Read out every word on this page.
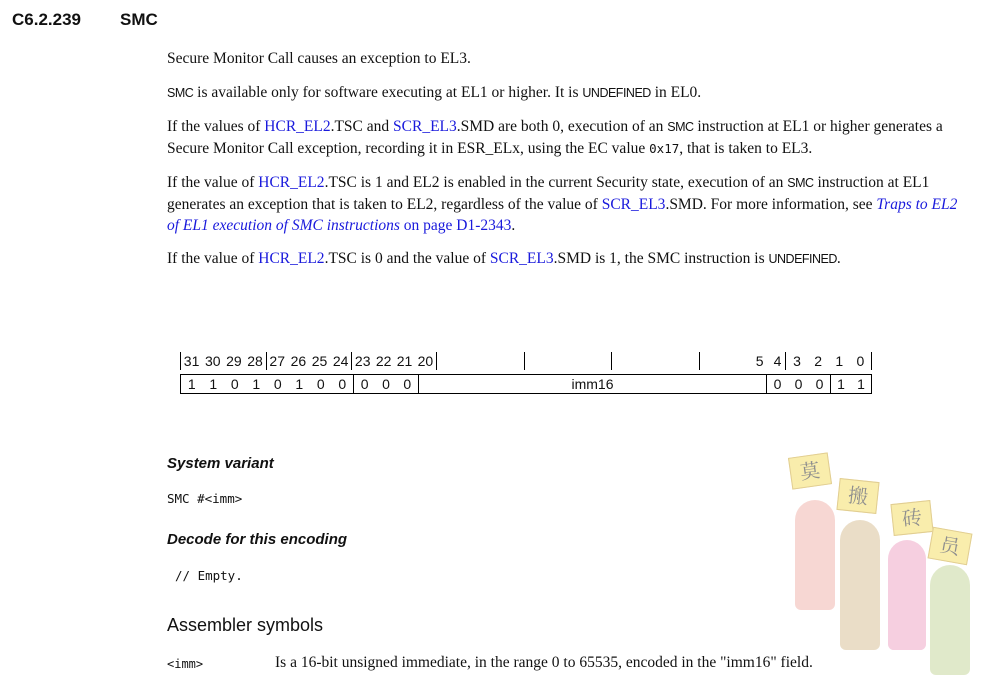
C6.2.239 SMC

Secure Monitor Call causes an exception to EL3.

SMC is available only for software executing at EL1 or higher. It is UNDEFINED in EL0.

If the values of HCR_EL2.TSC and SCR_EL3.SMD are both 0, execution of an SMC instruction at EL1 or higher generates a Secure Monitor Call exception, recording it in ESR_ELx, using the EC value 0x17, that is taken to EL3.

If the value of HCR_EL2.TSC is 1 and EL2 is enabled in the current Security state, execution of an SMC instruction at EL1 generates an exception that is taken to EL2, regardless of the value of SCR_EL3.SMD. For more information, see Traps to EL2 of EL1 execution of SMC instructions on page D1-2343.

If the value of HCR_EL2.TSC is 0 and the value of SCR_EL3.SMD is 1, the SMC instruction is UNDEFINED.

31 30 29 28 27 26 25 24 23 22 21 20	5 4 3 2 1 0
1 1 0 1 0 1 0 0 0 0 0	imm16	0 0 0 1 1
System variant
SMC #<imm>
Decode for this encoding
// Empty.
Assembler symbols
<imm>	Is a 16-bit unsigned immediate, in the range 0 to 65535, encoded in the "imm16" field.
莫
搬
砖
员
